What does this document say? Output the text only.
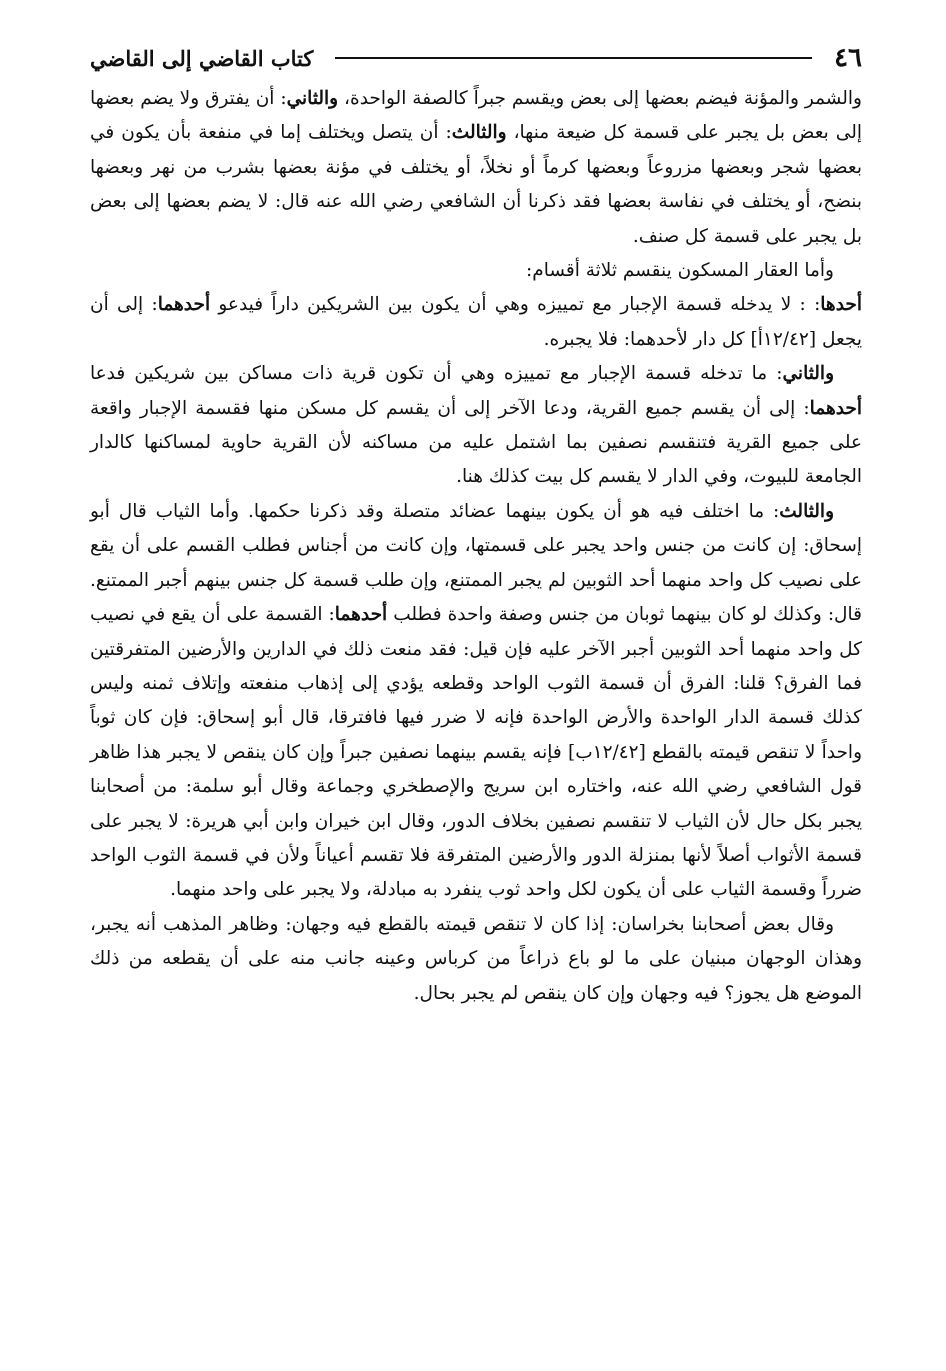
٤٦
كتاب القاضي إلى القاضي

والشمر والمؤنة فيضم بعضها إلى بعض ويقسم جبراً كالصفة الواحدة، والثاني: أن يفترق ولا يضم بعضها إلى بعض بل يجبر على قسمة كل ضيعة منها، والثالث: أن يتصل ويختلف إما في منفعة بأن يكون في بعضها شجر وبعضها مزروعاً وبعضها كرماً أو نخلاً، أو يختلف في مؤنة بعضها بشرب من نهر وبعضها بنضح، أو يختلف في نفاسة بعضها فقد ذكرنا أن الشافعي رضي الله عنه قال: لا يضم بعضها إلى بعض بل يجبر على قسمة كل صنف.

وأما العقار المسكون ينقسم ثلاثة أقسام:

أحدها: : لا يدخله قسمة الإجبار مع تمييزه وهي أن يكون بين الشريكين داراً فيدعو أحدهما: إلى أن يجعل [١٢/٤٢أ] كل دار لأحدهما: فلا يجبره.

والثاني: ما تدخله قسمة الإجبار مع تمييزه وهي أن تكون قرية ذات مساكن بين شريكين فدعا أحدهما: إلى أن يقسم جميع القرية، ودعا الآخر إلى أن يقسم كل مسكن منها فقسمة الإجبار واقعة على جميع القرية فتنقسم نصفين بما اشتمل عليه من مساكنه لأن القرية حاوية لمساكنها كالدار الجامعة للبيوت، وفي الدار لا يقسم كل بيت كذلك هنا.

والثالث: ما اختلف فيه هو أن يكون بينهما عضائد متصلة وقد ذكرنا حكمها. وأما الثياب قال أبو إسحاق: إن كانت من جنس واحد يجبر على قسمتها، وإن كانت من أجناس فطلب القسم على أن يقع على نصيب كل واحد منهما أحد الثوبين لم يجبر الممتنع، وإن طلب قسمة كل جنس بينهم أجبر الممتنع. قال: وكذلك لو كان بينهما ثوبان من جنس وصفة واحدة فطلب أحدهما: القسمة على أن يقع في نصيب كل واحد منهما أحد الثوبين أجبر الآخر عليه فإن قيل: فقد منعت ذلك في الدارين والأرضين المتفرقتين فما الفرق؟ قلنا: الفرق أن قسمة الثوب الواحد وقطعه يؤدي إلى إذهاب منفعته وإتلاف ثمنه وليس كذلك قسمة الدار الواحدة والأرض الواحدة فإنه لا ضرر فيها فافترقا، قال أبو إسحاق: فإن كان ثوباً واحداً لا تنقص قيمته بالقطع [١٢/٤٢ب] فإنه يقسم بينهما نصفين جبراً وإن كان ينقص لا يجبر هذا ظاهر قول الشافعي رضي الله عنه، واختاره ابن سريج والإصطخري وجماعة وقال أبو سلمة: من أصحابنا يجبر بكل حال لأن الثياب لا تنقسم نصفين بخلاف الدور، وقال ابن خيران وابن أبي هريرة: لا يجبر على قسمة الأثواب أصلاً لأنها بمنزلة الدور والأرضين المتفرقة فلا تقسم أعياناً ولأن في قسمة الثوب الواحد ضرراً وقسمة الثياب على أن يكون لكل واحد ثوب ينفرد به مبادلة، ولا يجبر على واحد منهما.

وقال بعض أصحابنا بخراسان: إذا كان لا تنقص قيمته بالقطع فيه وجهان: وظاهر المذهب أنه يجبر، وهذان الوجهان مبنيان على ما لو باع ذراعاً من كرباس وعينه جانب منه على أن يقطعه من ذلك الموضع هل يجوز؟ فيه وجهان وإن كان ينقص لم يجبر بحال.
